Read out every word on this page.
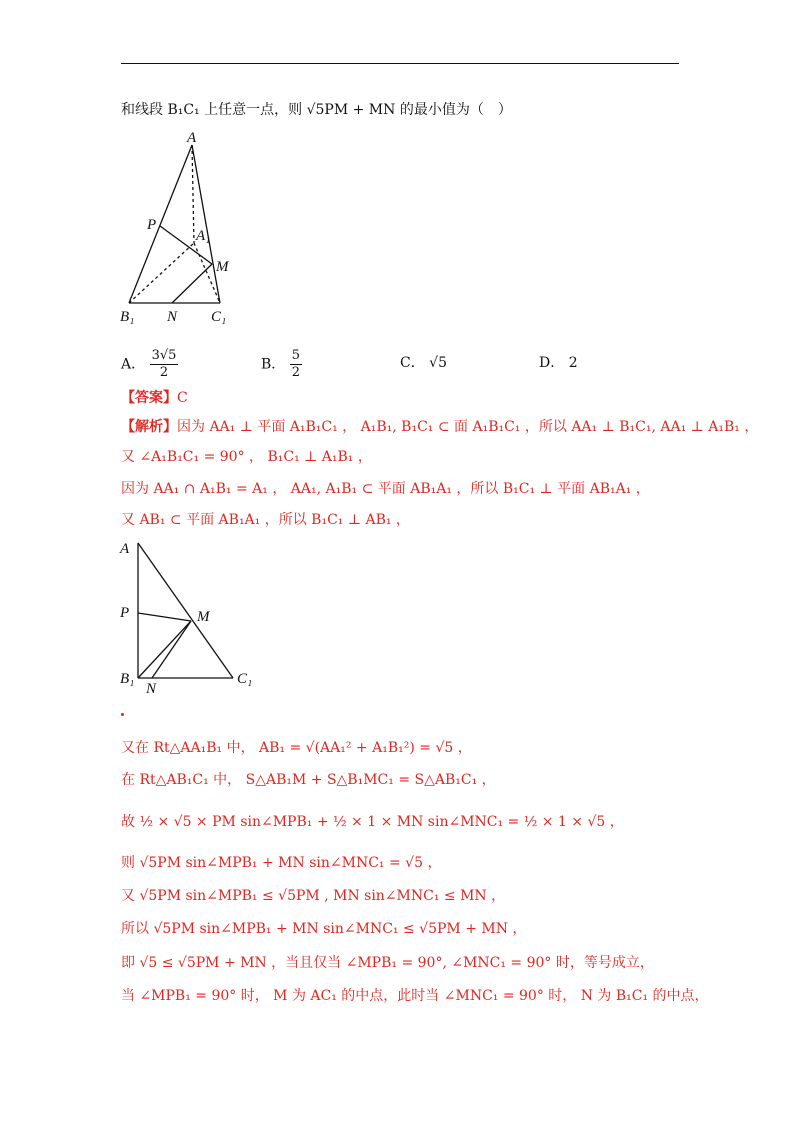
和线段 B₁C₁ 上任意一点，则 √5PM + MN 的最小值为（　）
A
P
A₁
M
B₁ N C₁
A． $\frac{3√5}{2}$	B． $\frac{5}{2}$	C． √5	D． 2
【答案】C
【解析】因为 AA₁ ⊥ 平面 A₁B₁C₁ ， A₁B₁, B₁C₁ ⊂ 面 A₁B₁C₁ ，所以 AA₁ ⊥ B₁C₁, AA₁ ⊥ A₁B₁ ，
又 ∠A₁B₁C₁ = 90° ， B₁C₁ ⊥ A₁B₁ ，
因为 AA₁ ∩ A₁B₁ = A₁ ， AA₁, A₁B₁ ⊂ 平面 AB₁A₁ ，所以 B₁C₁ ⊥ 平面 AB₁A₁ ，
又 AB₁ ⊂ 平面 AB₁A₁ ，所以 B₁C₁ ⊥ AB₁ ，
A
P	M
B₁
N
C₁
又在 Rt△AA₁B₁ 中， AB₁ = √(AA₁² + A₁B₁²) = √5 ，
在 Rt△AB₁C₁ 中， S△AB₁M + S△B₁MC₁ = S△AB₁C₁ ，
故 ½ × √5 × PM sin∠MPB₁ + ½ × 1 × MN sin∠MNC₁ = ½ × 1 × √5 ，
则 √5PM sin∠MPB₁ + MN sin∠MNC₁ = √5 ，
又 √5PM sin∠MPB₁ ≤ √5PM , MN sin∠MNC₁ ≤ MN ，
所以 √5PM sin∠MPB₁ + MN sin∠MNC₁ ≤ √5PM + MN ，
即 √5 ≤ √5PM + MN ，当且仅当 ∠MPB₁ = 90°, ∠MNC₁ = 90° 时，等号成立，
当 ∠MPB₁ = 90° 时， M 为 AC₁ 的中点，此时当 ∠MNC₁ = 90° 时， N 为 B₁C₁ 的中点，
